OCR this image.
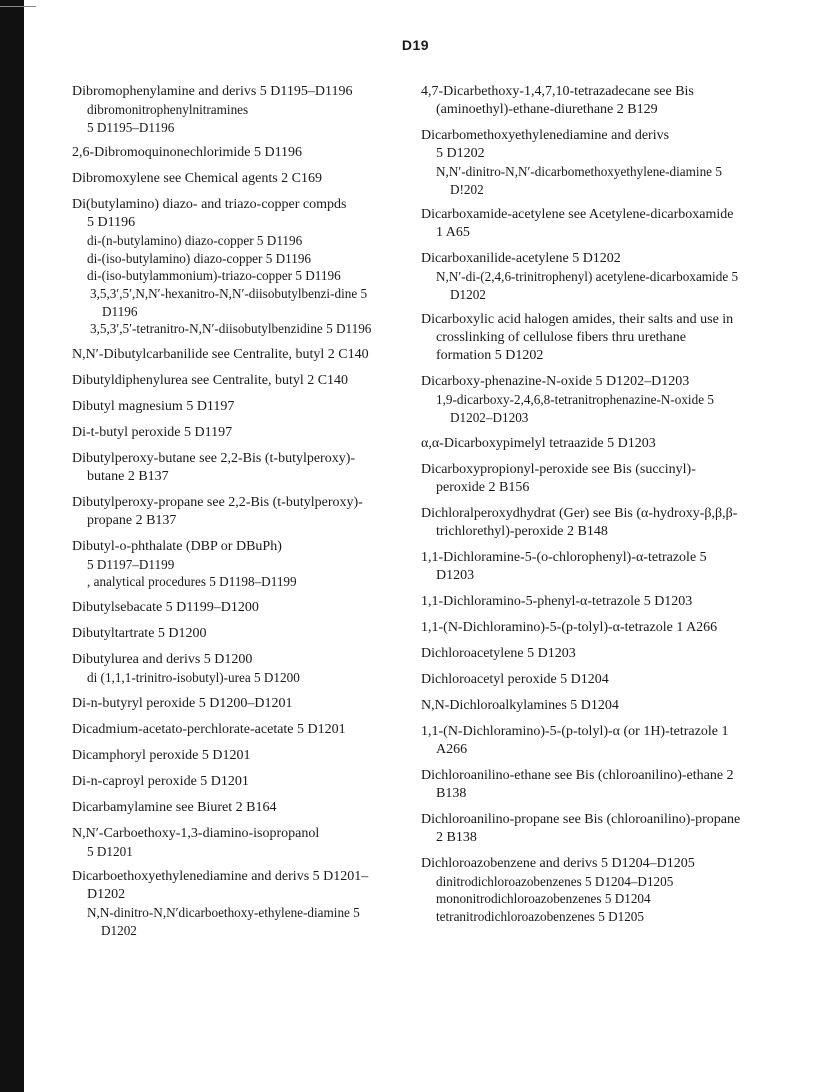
D19
Dibromophenylamine and derivs 5 D1195–D1196
dibromonitrophenylnitramines
5 D1195–D1196
2,6-Dibromoquinonechlorimide 5 D1196
Dibromoxylene see Chemical agents 2 C169
Di(butylamino) diazo- and triazo-copper compds
5 D1196
di-(n-butylamino) diazo-copper 5 D1196
di-(iso-butylamino) diazo-copper 5 D1196
di-(iso-butylammonium)-triazo-copper 5 D1196
3,5,3′,5′,N,N′-hexanitro-N,N′-diisobutylbenzi-dine 5 D1196
3,5,3′,5′-tetranitro-N,N′-diisobutylbenzidine 5 D1196
N,N′-Dibutylcarbanilide see Centralite, butyl 2 C140
Dibutyldiphenylurea see Centralite, butyl 2 C140
Dibutyl magnesium 5 D1197
Di-t-butyl peroxide 5 D1197
Dibutylperoxy-butane see 2,2-Bis (t-butylperoxy)-butane 2 B137
Dibutylperoxy-propane see 2,2-Bis (t-butylperoxy)-propane 2 B137
Dibutyl-o-phthalate (DBP or DBuPh)
5 D1197–D1199
, analytical procedures 5 D1198–D1199
Dibutylsebacate 5 D1199–D1200
Dibutyltartrate 5 D1200
Dibutylurea and derivs 5 D1200
di (1,1,1-trinitro-isobutyl)-urea 5 D1200
Di-n-butyryl peroxide 5 D1200–D1201
Dicadmium-acetato-perchlorate-acetate 5 D1201
Dicamphoryl peroxide 5 D1201
Di-n-caproyl peroxide 5 D1201
Dicarbamylamine see Biuret 2 B164
N,N′-Carboethoxy-1,3-diamino-isopropanol
5 D1201
Dicarboethoxyethylenediamine and derivs 5 D1201–D1202
N,N-dinitro-N,N′dicarboethoxy-ethylene-diamine 5 D1202
4,7-Dicarbethoxy-1,4,7,10-tetrazadecane see Bis (aminoethyl)-ethane-diurethane 2 B129
Dicarbomethoxyethylenediamine and derivs
5 D1202
N,N′-dinitro-N,N′-dicarbomethoxyethylene-diamine 5 D!202
Dicarboxamide-acetylene see Acetylene-dicarboxamide 1 A65
Dicarboxanilide-acetylene 5 D1202
N,N′-di-(2,4,6-trinitrophenyl) acetylene-dicarboxamide 5 D1202
Dicarboxylic acid halogen amides, their salts and use in crosslinking of cellulose fibers thru urethane formation 5 D1202
Dicarboxy-phenazine-N-oxide 5 D1202–D1203
1,9-dicarboxy-2,4,6,8-tetranitrophenazine-N-oxide 5 D1202–D1203
α,α-Dicarboxypimelyl tetraazide 5 D1203
Dicarboxypropionyl-peroxide see Bis (succinyl)-peroxide 2 B156
Dichloralperoxydhydrat (Ger) see Bis (α-hydroxy-β,β,β-trichlorethyl)-peroxide 2 B148
1,1-Dichloramine-5-(o-chlorophenyl)-α-tetrazole 5 D1203
1,1-Dichloramino-5-phenyl-α-tetrazole 5 D1203
1,1-(N-Dichloramino)-5-(p-tolyl)-α-tetrazole 1 A266
Dichloroacetylene 5 D1203
Dichloroacetyl peroxide 5 D1204
N,N-Dichloroalkylamines 5 D1204
1,1-(N-Dichloramino)-5-(p-tolyl)-α (or 1H)-tetrazole 1 A266
Dichloroanilino-ethane see Bis (chloroanilino)-ethane 2 B138
Dichloroanilino-propane see Bis (chloroanilino)-propane 2 B138
Dichloroazobenzene and derivs 5 D1204–D1205
dinitrodichloroazobenzenes 5 D1204–D1205
mononitrodichloroazobenzenes 5 D1204
tetranitrodichloroazobenzenes 5 D1205
